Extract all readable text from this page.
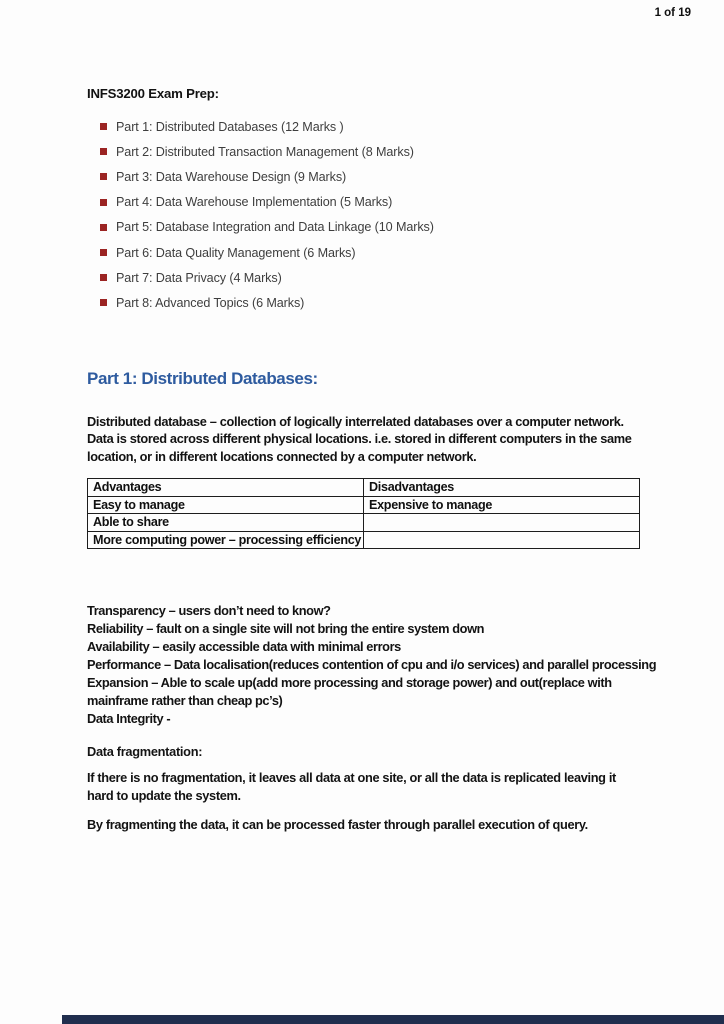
1 of 19
INFS3200 Exam Prep:
Part 1: Distributed Databases (12 Marks )
Part 2: Distributed Transaction Management (8 Marks)
Part 3: Data Warehouse Design (9 Marks)
Part 4: Data Warehouse Implementation (5 Marks)
Part 5: Database Integration and Data Linkage (10 Marks)
Part 6: Data Quality Management (6 Marks)
Part 7: Data Privacy (4 Marks)
Part 8: Advanced Topics (6 Marks)
Part 1: Distributed Databases:

Distributed database – collection of logically interrelated databases over a computer network. Data is stored across different physical locations. i.e. stored in different computers in the same location, or in different locations connected by a computer network.

Advantages	Disadvantages
Easy to manage	Expensive to manage
Able to share	
More computing power – processing efficiency	
Transparency – users don’t need to know?
Reliability – fault on a single site will not bring the entire system down
Availability – easily accessible data with minimal errors
Performance – Data localisation(reduces contention of cpu and i/o services) and parallel processing
Expansion – Able to scale up(add more processing and storage power) and out(replace with
mainframe rather than cheap pc’s)
Data Integrity -
Data fragmentation:

If there is no fragmentation, it leaves all data at one site, or all the data is replicated leaving it hard to update the system.

By fragmenting the data, it can be processed faster through parallel execution of query.
